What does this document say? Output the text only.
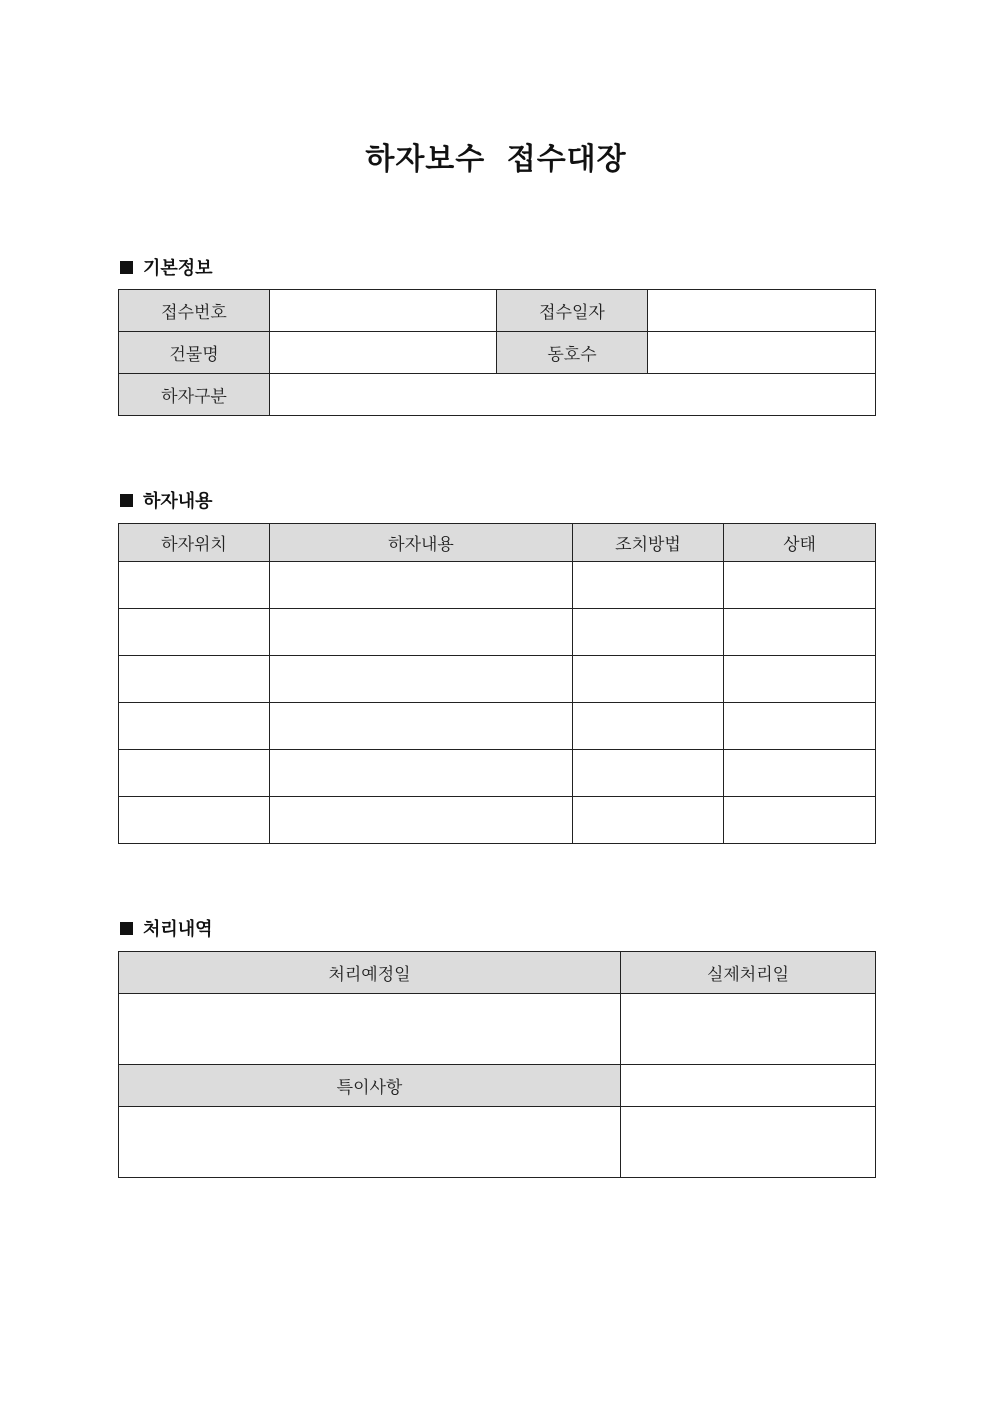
하자보수 접수대장
기본정보
접수번호		접수일자	
건물명		동호수	
하자구분			
하자내용
하자위치	하자내용	조치방법	상태

처리내역
처리예정일	실제처리일

특이사항	
